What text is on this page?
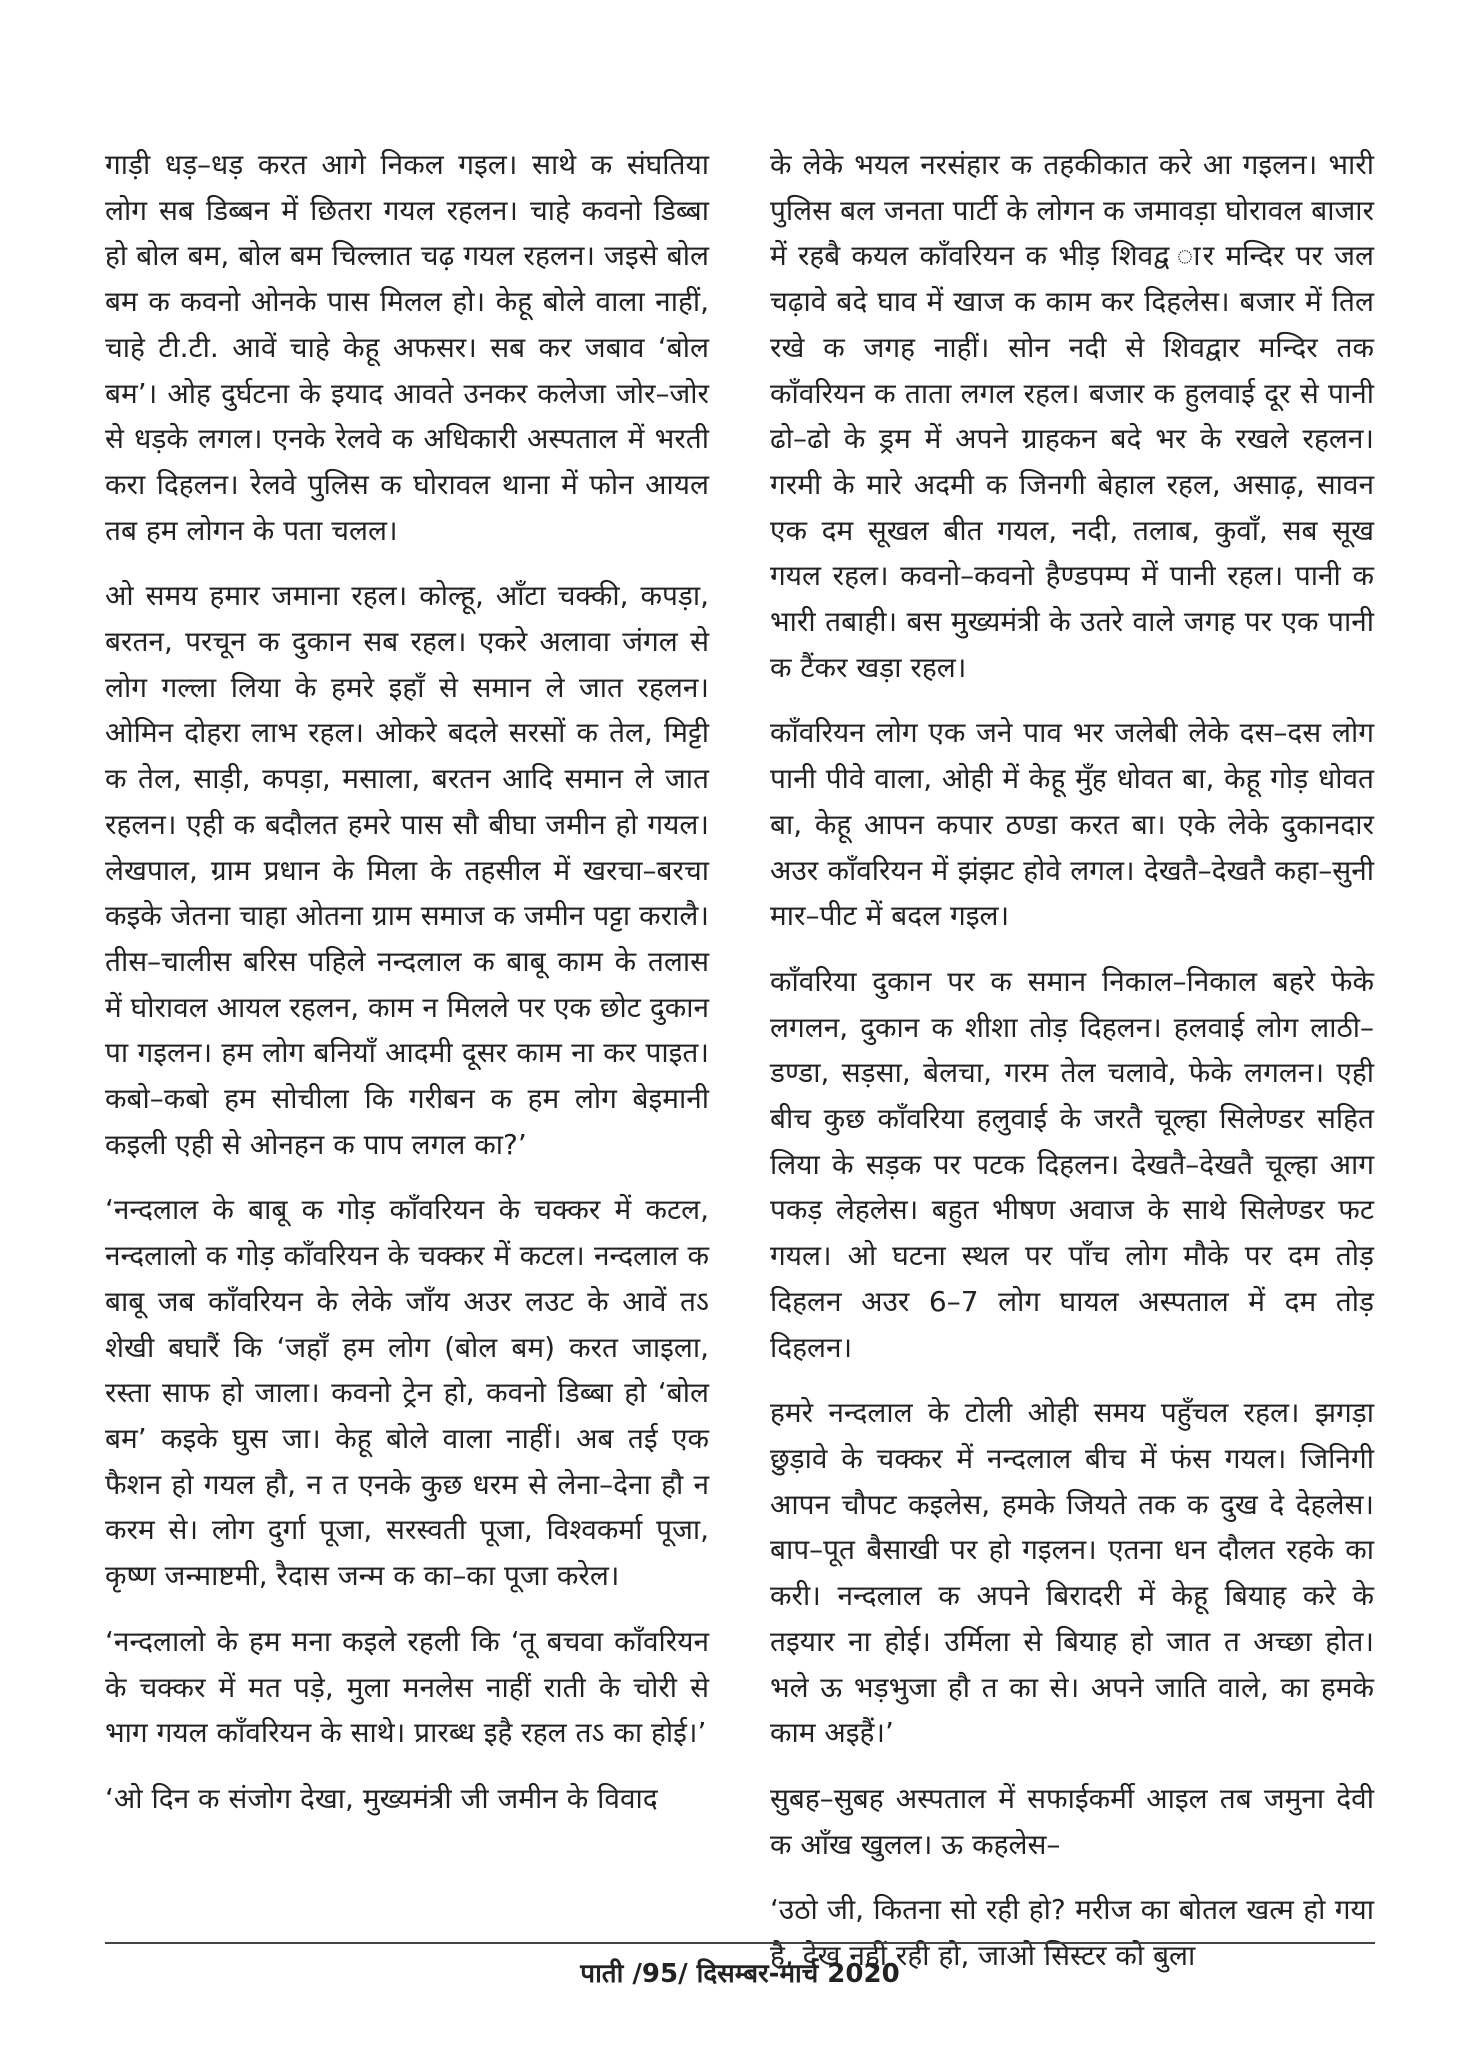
गाड़ी धड़–धड़ करत आगे निकल गइल। साथे क संघतिया लोग सब डिब्बन में छितरा गयल रहलन। चाहे कवनो डिब्बा हो बोल बम, बोल बम चिल्लात चढ़ गयल रहलन। जइसे बोल बम क कवनो ओनके पास मिलल हो। केहू बोले वाला नाहीं, चाहे टी.टी. आवें चाहे केहू अफसर। सब कर जबाव ‘बोल बम’। ओह दुर्घटना के इयाद आवते उनकर कलेजा जोर–जोर से धड़के लगल। एनके रेलवे क अधिकारी अस्पताल में भरती करा दिहलन। रेलवे पुलिस क घोरावल थाना में फोन आयल तब हम लोगन के पता चलल।

ओ समय हमार जमाना रहल। कोल्हू, आँटा चक्की, कपड़ा, बरतन, परचून क दुकान सब रहल। एकरे अलावा जंगल से लोग गल्ला लिया के हमरे इहाँ से समान ले जात रहलन। ओमिन दोहरा लाभ रहल। ओकरे बदले सरसों क तेल, मिट्टी क तेल, साड़ी, कपड़ा, मसाला, बरतन आदि समान ले जात रहलन। एही क बदौलत हमरे पास सौ बीघा जमीन हो गयल। लेखपाल, ग्राम प्रधान के मिला के तहसील में खरचा–बरचा कइके जेतना चाहा ओतना ग्राम समाज क जमीन पट्टा करालै। तीस–चालीस बरिस पहिले नन्दलाल क बाबू काम के तलास में घोरावल आयल रहलन, काम न मिलले पर एक छोट दुकान पा गइलन। हम लोग बनियाँ आदमी दूसर काम ना कर पाइत। कबो–कबो हम सोचीला कि गरीबन क हम लोग बेइमानी कइली एही से ओनहन क पाप लगल का?’

‘नन्दलाल के बाबू क गोड़ काँवरियन के चक्कर में कटल, नन्दलालो क गोड़ काँवरियन के चक्कर में कटल। नन्दलाल क बाबू जब काँवरियन के लेके जाँय अउर लउट के आवें तऽ शेखी बघारैं कि ‘जहाँ हम लोग (बोल बम) करत जाइला, रस्ता साफ हो जाला। कवनो ट्रेन हो, कवनो डिब्बा हो ‘बोल बम’ कइके घुस जा। केहू बोले वाला नाहीं। अब तई एक फैशन हो गयल हौ, न त एनके कुछ धरम से लेना–देना हौ न करम से। लोग दुर्गा पूजा, सरस्वती पूजा, विश्वकर्मा पूजा, कृष्ण जन्माष्टमी, रैदास जन्म क का–का पूजा करेल।

‘नन्दलालो के हम मना कइले रहली कि ‘तू बचवा काँवरियन के चक्कर में मत पड़े, मुला मनलेस नाहीं राती के चोरी से भाग गयल काँवरियन के साथे। प्रारब्ध इहै रहल तऽ का होई।’

‘ओ दिन क संजोग देखा, मुख्यमंत्री जी जमीन के विवाद

के लेके भयल नरसंहार क तहकीकात करे आ गइलन। भारी पुलिस बल जनता पार्टी के लोगन क जमावड़ा घोरावल बाजार में रहबै कयल काँवरियन क भीड़ शिवद्व ार मन्दिर पर जल चढ़ावे बदे घाव में खाज क काम कर दिहलेस। बजार में तिल रखे क जगह नाहीं। सोन नदी से शिवद्वार मन्दिर तक काँवरियन क ताता लगल रहल। बजार क हुलवाई दूर से पानी ढो–ढो के ड्रम में अपने ग्राहकन बदे भर के रखले रहलन। गरमी के मारे अदमी क जिनगी बेहाल रहल, असाढ़, सावन एक दम सूखल बीत गयल, नदी, तलाब, कुवाँ, सब सूख गयल रहल। कवनो–कवनो हैण्डपम्प में पानी रहल। पानी क भारी तबाही। बस मुख्यमंत्री के उतरे वाले जगह पर एक पानी क टैंकर खड़ा रहल।

काँवरियन लोग एक जने पाव भर जलेबी लेके दस–दस लोग पानी पीवे वाला, ओही में केहू मुँह धोवत बा, केहू गोड़ धोवत बा, केहू आपन कपार ठण्डा करत बा। एके लेके दुकानदार अउर काँवरियन में झंझट होवे लगल। देखतै–देखतै कहा–सुनी मार–पीट में बदल गइल।

काँवरिया दुकान पर क समान निकाल–निकाल बहरे फेके लगलन, दुकान क शीशा तोड़ दिहलन। हलवाई लोग लाठी–डण्डा, सड़सा, बेलचा, गरम तेल चलावे, फेके लगलन। एही बीच कुछ काँवरिया हलुवाई के जरतै चूल्हा सिलेण्डर सहित लिया के सड़क पर पटक दिहलन। देखतै–देखतै चूल्हा आग पकड़ लेहलेस। बहुत भीषण अवाज के साथे सिलेण्डर फट गयल। ओ घटना स्थल पर पाँच लोग मौके पर दम तोड़ दिहलन अउर 6–7 लोग घायल अस्पताल में दम तोड़ दिहलन।

हमरे नन्दलाल के टोली ओही समय पहुँचल रहल। झगड़ा छुड़ावे के चक्कर में नन्दलाल बीच में फंस गयल। जिनिगी आपन चौपट कइलेस, हमके जियते तक क दुख दे देहलेस। बाप–पूत बैसाखी पर हो गइलन। एतना धन दौलत रहके का करी। नन्दलाल क अपने बिरादरी में केहू बियाह करे के तइयार ना होई। उर्मिला से बियाह हो जात त अच्छा होत। भले ऊ भड़भुजा हौ त का से। अपने जाति वाले, का हमके काम अइहैं।’

सुबह–सुबह अस्पताल में सफाईकर्मी आइल तब जमुना देवी क आँख खुलल। ऊ कहलेस–

‘उठो जी, कितना सो रही हो? मरीज का बोतल खत्म हो गया है, देख नहीं रही हो, जाओ सिस्टर को बुला

पाती /95/ दिसम्बर-मार्च 2020
